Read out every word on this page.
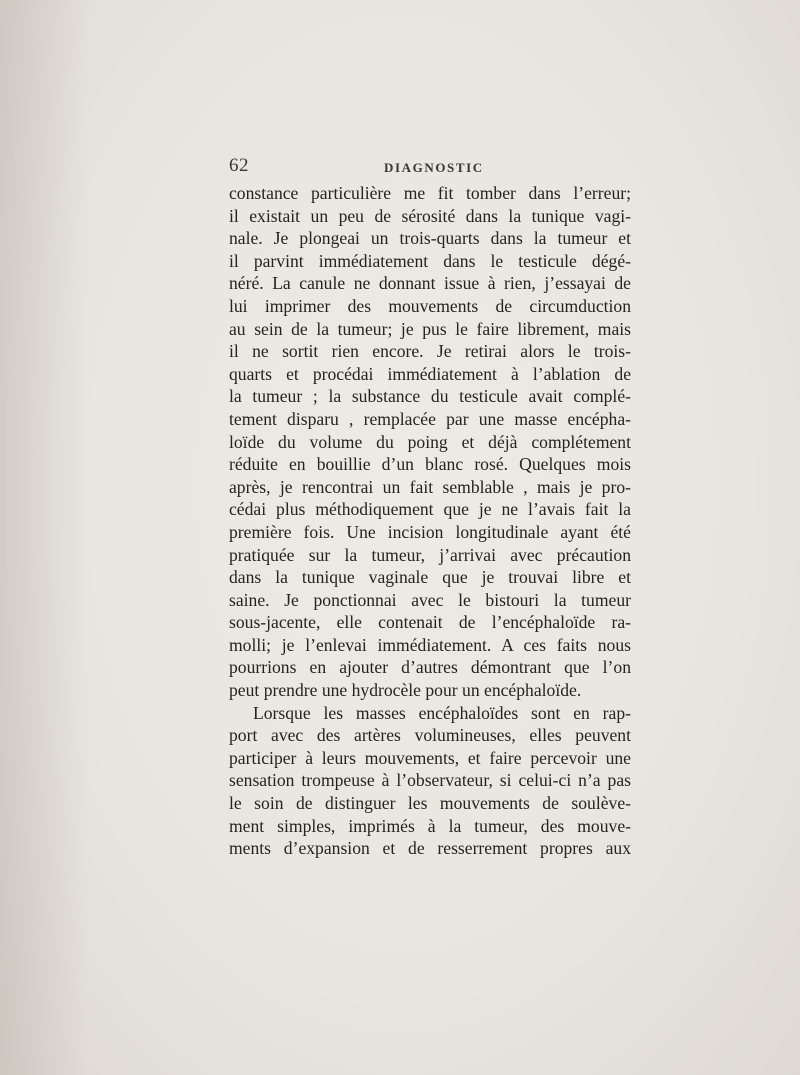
62	DIAGNOSTIC
constance particulière me fit tomber dans l’erreur;
il existait un peu de sérosité dans la tunique vagi-
nale. Je plongeai un trois-quarts dans la tumeur et
il parvint immédiatement dans le testicule dégé-
néré. La canule ne donnant issue à rien, j’essayai de
lui imprimer des mouvements de circumduction
au sein de la tumeur; je pus le faire librement, mais
il ne sortit rien encore. Je retirai alors le trois-
quarts et procédai immédiatement à l’ablation de
la tumeur ; la substance du testicule avait complé-
tement disparu , remplacée par une masse encépha-
loïde du volume du poing et déjà complétement
réduite en bouillie d’un blanc rosé. Quelques mois
après, je rencontrai un fait semblable , mais je pro-
cédai plus méthodiquement que je ne l’avais fait la
première fois. Une incision longitudinale ayant été
pratiquée sur la tumeur, j’arrivai avec précaution
dans la tunique vaginale que je trouvai libre et
saine. Je ponctionnai avec le bistouri la tumeur
sous-jacente, elle contenait de l’encéphaloïde ra-
molli; je l’enlevai immédiatement. A ces faits nous
pourrions en ajouter d’autres démontrant que l’on
peut prendre une hydrocèle pour un encéphaloïde.
Lorsque les masses encéphaloïdes sont en rap-
port avec des artères volumineuses, elles peuvent
participer à leurs mouvements, et faire percevoir une
sensation trompeuse à l’observateur, si celui-ci n’a pas
le soin de distinguer les mouvements de soulève-
ment simples, imprimés à la tumeur, des mouve-
ments d’expansion et de resserrement propres aux
